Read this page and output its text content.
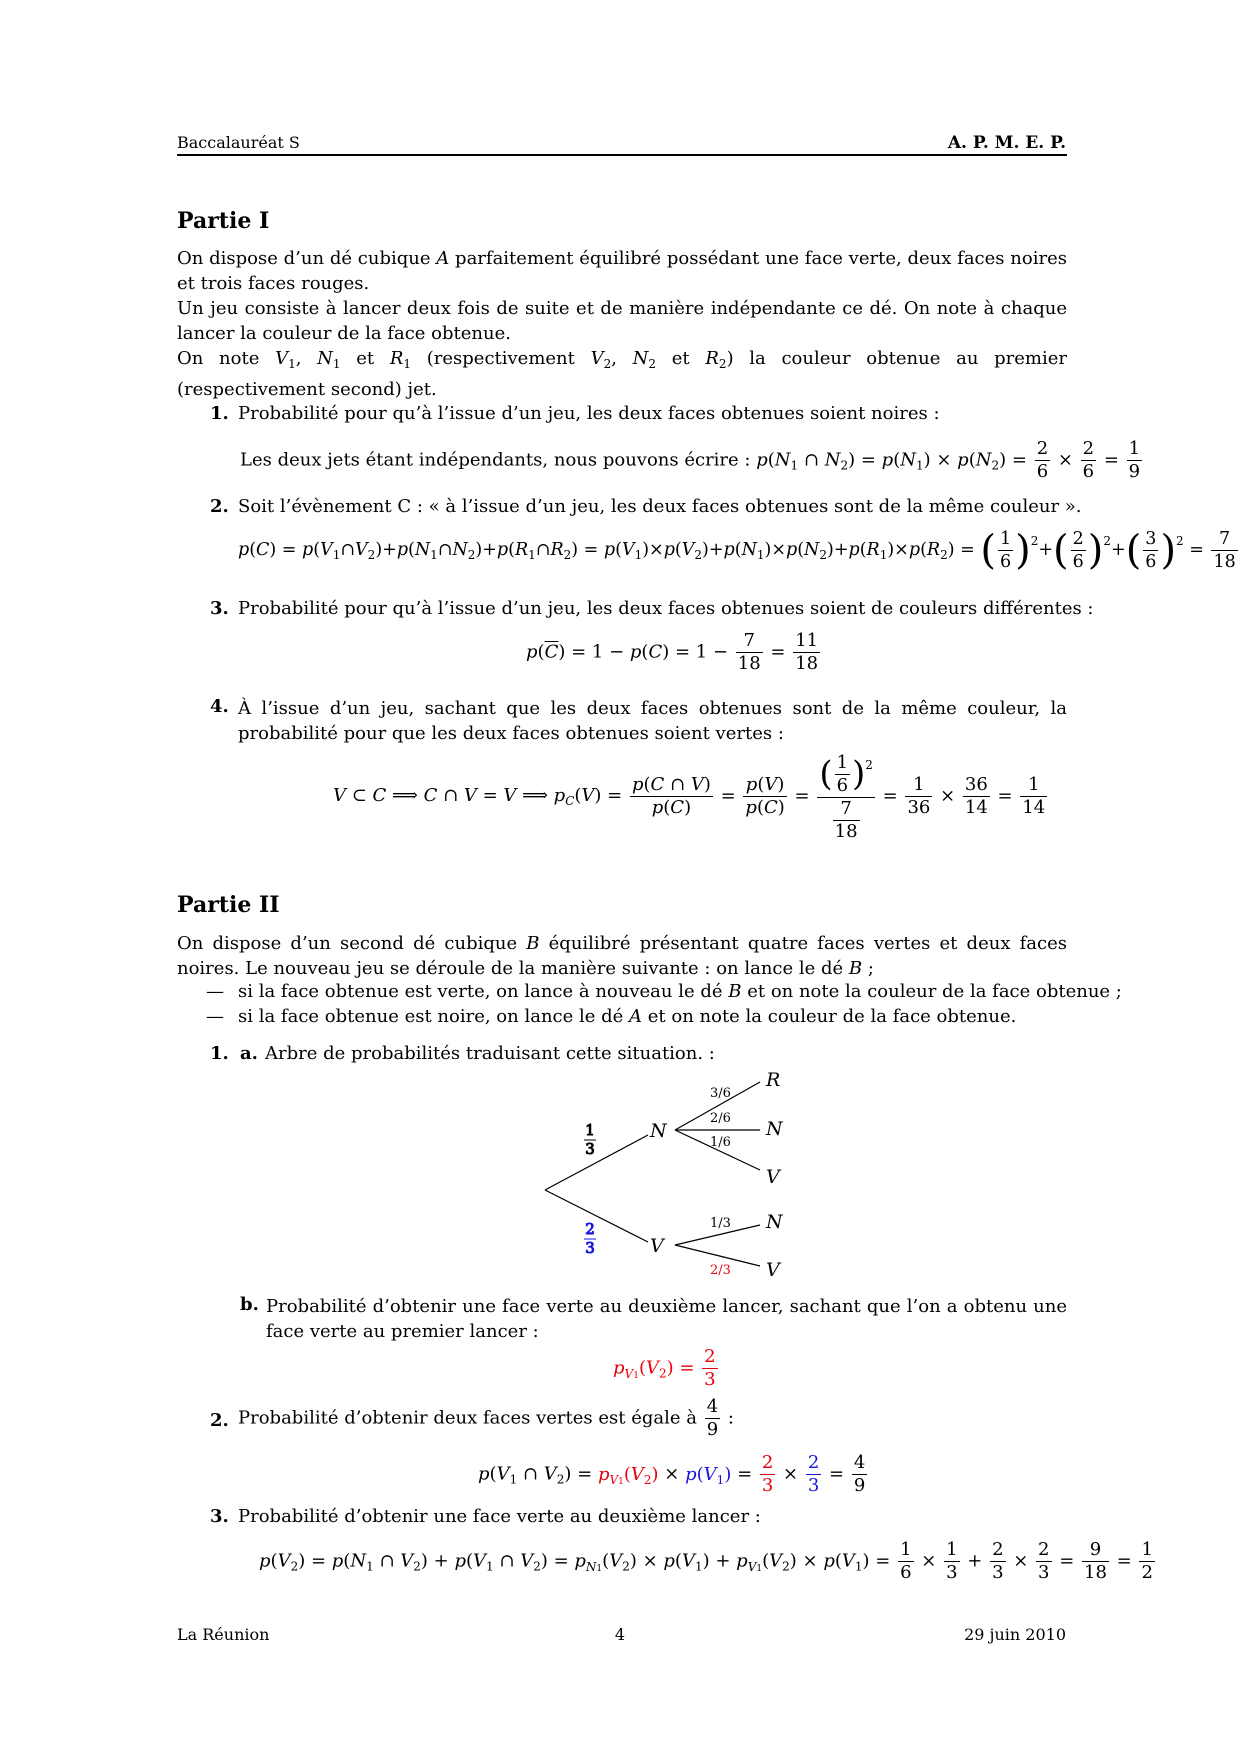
Baccalauréat S	A. P. M. E. P.
Partie I
On dispose d’un dé cubique A parfaitement équilibré possédant une face verte, deux faces noires et trois faces rouges.
Un jeu consiste à lancer deux fois de suite et de manière indépendante ce dé. On note à chaque lancer la couleur de la face obtenue.
On note $V_1$, $N_1$ et $R_1$ (respectivement $V_2$, $N_2$ et $R_2$) la couleur obtenue au premier (respectivement second) jet.
1. Probabilité pour qu’à l’issue d’un jeu, les deux faces obtenues soient noires :
Les deux jets étant indépendants, nous pouvons écrire : $p(N_1$ ∩ $N_2) = p(N_1) \times p(N_2) = \frac{2}{6} \times \frac{2}{6} = \frac{1}{9}$
2. Soit l’évènement C : « à l’issue d’un jeu, les deux faces obtenues sont de la même couleur ».
$p(C) = p(V_1\cap V_2)+p(N_1\cap N_2)+p(R_1\cap R_2) = p(V_1)\times p(V_2)+p(N_1)\times p(N_2)+p(R_1)\times p(R_2)$ = ( $\frac{1}{6} )^2+( \frac{2}{6} )^2+( \frac{3}{6} )^2 = \frac{7}{18}$
3. Probabilité pour qu’à l’issue d’un jeu, les deux faces obtenues soient de couleurs différentes :
$p(\overline{C}) = 1 - p(C) = 1 - \frac{7}{18} = \frac{11}{18}$
4. À l’issue d’un jeu, sachant que les deux faces obtenues sont de la même couleur, la probabilité pour que les deux faces obtenues soient vertes :
V ⊂ C ⟹ C ∩ V = V ⟹ $p_C(V) = \frac{p(C \cap V)}{p(C)} = \frac{p(V)}{p(C)} = \frac{( \frac{1}{6} )^2}{\frac{7}{18}} = \frac{1}{36} \times \frac{36}{14} = \frac{1}{14}$
Partie II
On dispose d’un second dé cubique B équilibré présentant quatre faces vertes et deux faces noires. Le nouveau jeu se déroule de la manière suivante : on lance le dé B ;
— si la face obtenue est verte, on lance à nouveau le dé B et on note la couleur de la face obtenue ;
— si la face obtenue est noire, on lance le dé A et on note la couleur de la face obtenue.
1. a. Arbre de probabilités traduisant cette situation. :
N
V
R
N
V
N
V
1
3
2
3
3/6
2/6
1/6
1/3
2/3
b. Probabilité d’obtenir une face verte au deuxième lancer, sachant que l’on a obtenu une face verte au premier lancer :
$p_{V1}(V_2) = \frac{2}{3}$
2. Probabilité d’obtenir deux faces vertes est égale à $\frac{4}{9}$ :
$p(V_1$ ∩ $V_2) = p_{V1}(V_2) \times p(V_1) = \frac{2}{3} \times \frac{2}{3} = \frac{4}{9}$
3. Probabilité d’obtenir une face verte au deuxième lancer :
$p(V_2) = p(N_1$ ∩ $V_2) + p(V_1$ ∩ $V_2) = p_{N1}(V_2) \times p(V_1) + p_{V1}(V_2) \times p(V_1) = \frac{1}{6} \times \frac{1}{3} + \frac{2}{3} \times \frac{2}{3} = \frac{9}{18} = \frac{1}{2}$
La Réunion	4	29 juin 2010
